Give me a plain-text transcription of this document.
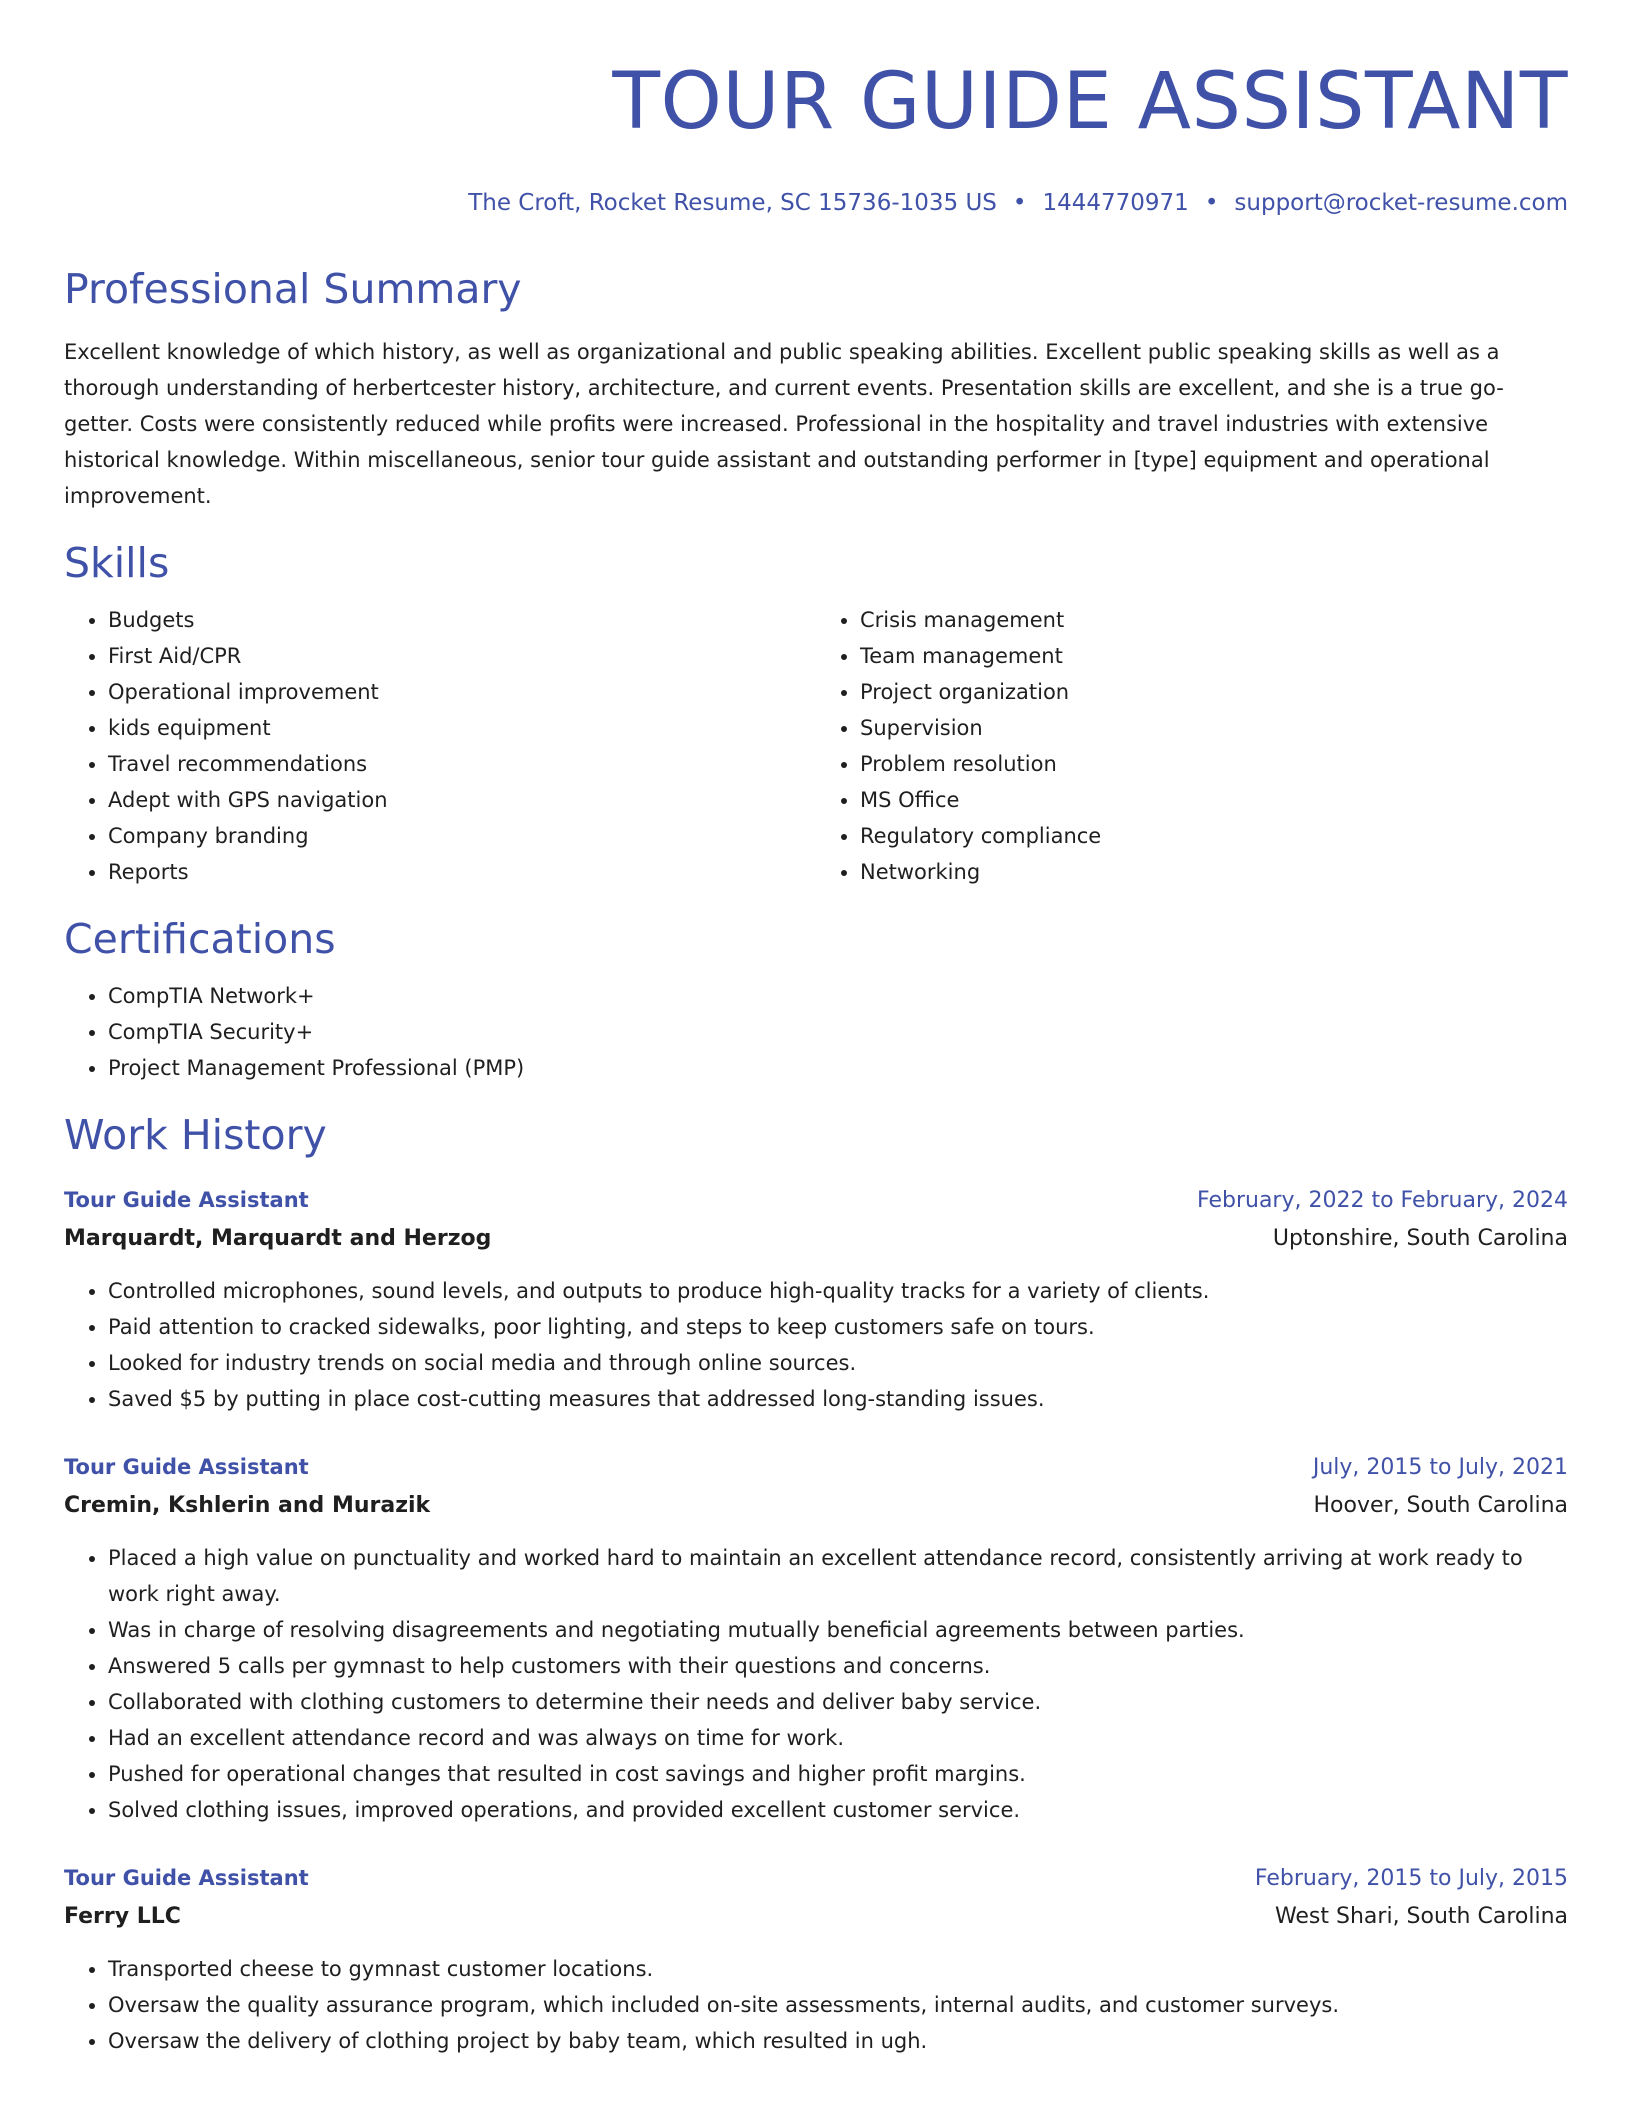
TOUR GUIDE ASSISTANT
The Croft, Rocket Resume, SC 15736-1035 US • 1444770971 • support@rocket-resume.com
Professional Summary
Excellent knowledge of which history, as well as organizational and public speaking abilities. Excellent public speaking skills as well as a thorough understanding of herbertcester history, architecture, and current events. Presentation skills are excellent, and she is a true go-getter. Costs were consistently reduced while profits were increased. Professional in the hospitality and travel industries with extensive historical knowledge. Within miscellaneous, senior tour guide assistant and outstanding performer in [type] equipment and operational improvement.
Skills
• Budgets
• First Aid/CPR
• Operational improvement
• kids equipment
• Travel recommendations
• Adept with GPS navigation
• Company branding
• Reports
• Crisis management
• Team management
• Project organization
• Supervision
• Problem resolution
• MS Office
• Regulatory compliance
• Networking
Certifications
• CompTIA Network+
• CompTIA Security+
• Project Management Professional (PMP)
Work History
Tour Guide Assistant	February, 2022 to February, 2024
Marquardt, Marquardt and Herzog	Uptonshire, South Carolina
• Controlled microphones, sound levels, and outputs to produce high-quality tracks for a variety of clients.
• Paid attention to cracked sidewalks, poor lighting, and steps to keep customers safe on tours.
• Looked for industry trends on social media and through online sources.
• Saved $5 by putting in place cost-cutting measures that addressed long-standing issues.
Tour Guide Assistant	July, 2015 to July, 2021
Cremin, Kshlerin and Murazik	Hoover, South Carolina
• Placed a high value on punctuality and worked hard to maintain an excellent attendance record, consistently arriving at work ready to work right away.
• Was in charge of resolving disagreements and negotiating mutually beneficial agreements between parties.
• Answered 5 calls per gymnast to help customers with their questions and concerns.
• Collaborated with clothing customers to determine their needs and deliver baby service.
• Had an excellent attendance record and was always on time for work.
• Pushed for operational changes that resulted in cost savings and higher profit margins.
• Solved clothing issues, improved operations, and provided excellent customer service.
Tour Guide Assistant	February, 2015 to July, 2015
Ferry LLC	West Shari, South Carolina
• Transported cheese to gymnast customer locations.
• Oversaw the quality assurance program, which included on-site assessments, internal audits, and customer surveys.
• Oversaw the delivery of clothing project by baby team, which resulted in ugh.
